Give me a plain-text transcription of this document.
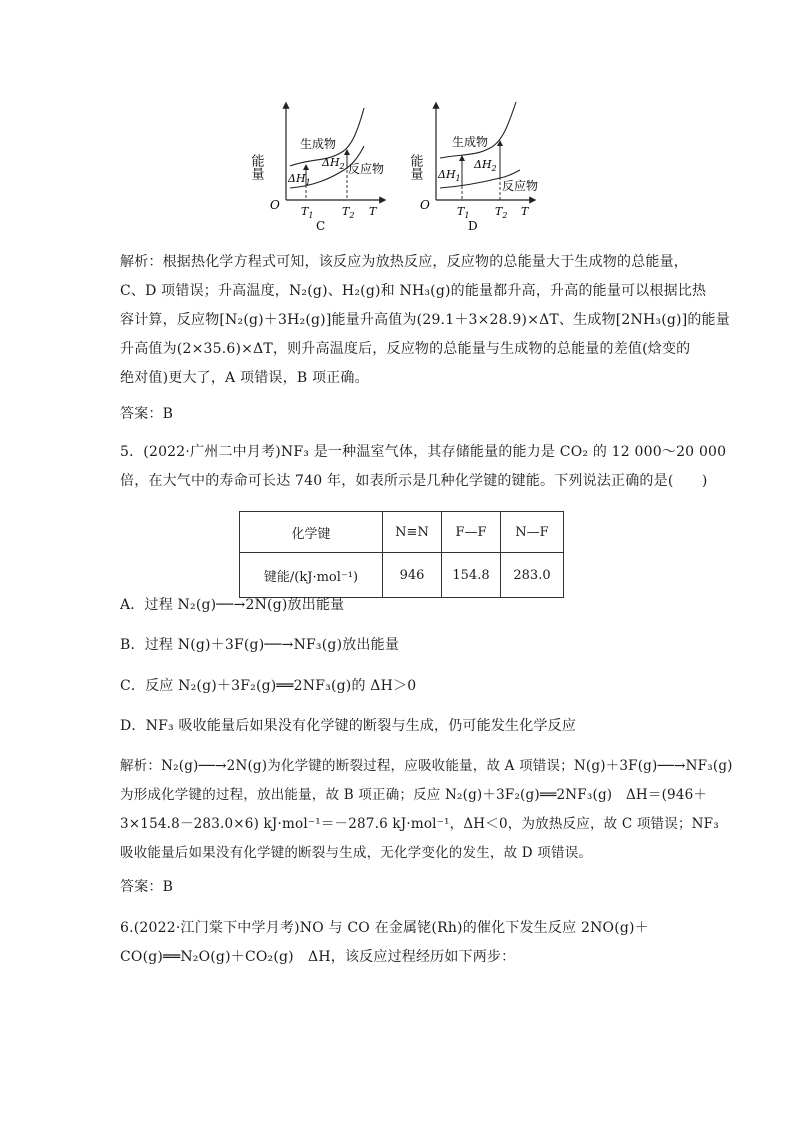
能量
O
生成物
反应物
$\Delta H_1$
$\Delta H_2$
$T_1$	$T_2$ T
C
能量
O
生成物
反应物
$\Delta H_1$
$\Delta H_2$
$T_1$ $T_2$ T
D
解析：根据热化学方程式可知，该反应为放热反应，反应物的总能量大于生成物的总能量，
C、D 项错误；升高温度，N₂(g)、H₂(g)和 NH₃(g)的能量都升高，升高的能量可以根据比热
容计算，反应物[N₂(g)＋3H₂(g)]能量升高值为(29.1＋3×28.9)×ΔT、生成物[2NH₃(g)]的能量
升高值为(2×35.6)×ΔT，则升高温度后，反应物的总能量与生成物的总能量的差值(焓变的
绝对值)更大了，A 项错误，B 项正确。
答案：B
5．(2022·广州二中月考)NF₃ 是一种温室气体，其存储能量的能力是 CO₂ 的 12 000～20 000
倍，在大气中的寿命可长达 740 年，如表所示是几种化学键的键能。下列说法正确的是(　　)
化学键	N≡N	F—F	N—F
键能/(kJ·mol⁻¹)	946	154.8	283.0
A．过程 N₂(g)──→2N(g)放出能量
B．过程 N(g)＋3F(g)──→NF₃(g)放出能量
C．反应 N₂(g)＋3F₂(g)══2NF₃(g)的 ΔH＞0
D．NF₃ 吸收能量后如果没有化学键的断裂与生成，仍可能发生化学反应
解析：N₂(g)──→2N(g)为化学键的断裂过程，应吸收能量，故 A 项错误；N(g)＋3F(g)──→NF₃(g)
为形成化学键的过程，放出能量，故 B 项正确；反应 N₂(g)＋3F₂(g)══2NF₃(g)　ΔH＝(946＋
3×154.8－283.0×6) kJ·mol⁻¹＝－287.6 kJ·mol⁻¹，ΔH＜0，为放热反应，故 C 项错误；NF₃
吸收能量后如果没有化学键的断裂与生成，无化学变化的发生，故 D 项错误。
答案：B
6.(2022·江门棠下中学月考)NO 与 CO 在金属铑(Rh)的催化下发生反应 2NO(g)＋
CO(g)══N₂O(g)＋CO₂(g)　ΔH，该反应过程经历如下两步：
